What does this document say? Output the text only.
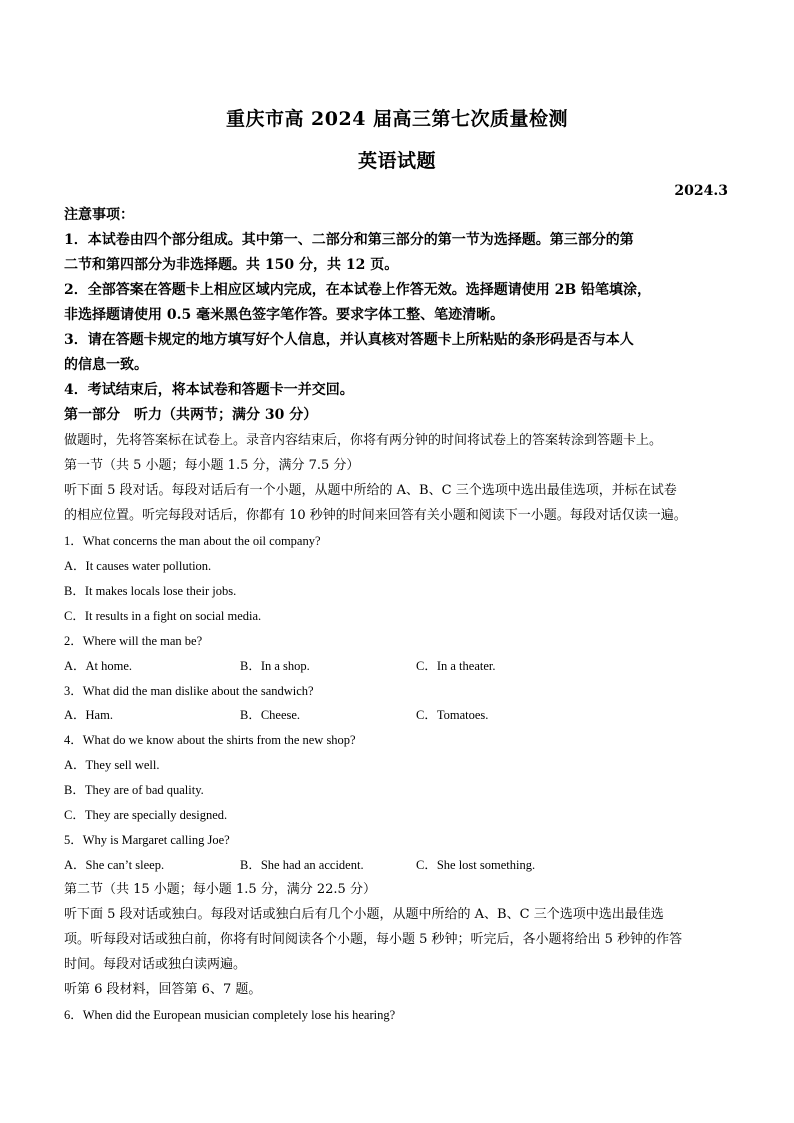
重庆市高 2024 届高三第七次质量检测
英语试题
2024.3
注意事项：
1．本试卷由四个部分组成。其中第一、二部分和第三部分的第一节为选择题。第三部分的第
二节和第四部分为非选择题。共 150 分，共 12 页。
2．全部答案在答题卡上相应区域内完成，在本试卷上作答无效。选择题请使用 2B 铅笔填涂，
非选择题请使用 0.5 毫米黑色签字笔作答。要求字体工整、笔迹清晰。
3．请在答题卡规定的地方填写好个人信息，并认真核对答题卡上所粘贴的条形码是否与本人
的信息一致。
4．考试结束后，将本试卷和答题卡一并交回。
第一部分　听力（共两节；满分 30 分）
做题时，先将答案标在试卷上。录音内容结束后，你将有两分钟的时间将试卷上的答案转涂到答题卡上。
第一节（共 5 小题；每小题 1.5 分，满分 7.5 分）
听下面 5 段对话。每段对话后有一个小题，从题中所给的 A、B、C 三个选项中选出最佳选项，并标在试卷
的相应位置。听完每段对话后，你都有 10 秒钟的时间来回答有关小题和阅读下一小题。每段对话仅读一遍。
1．What concerns the man about the oil company?
A．It causes water pollution.
B．It makes locals lose their jobs.
C．It results in a fight on social media.
2．Where will the man be?
A．At home.	B．In a shop.	C．In a theater.
3．What did the man dislike about the sandwich?
A．Ham.	B．Cheese.	C．Tomatoes.
4．What do we know about the shirts from the new shop?
A．They sell well.
B．They are of bad quality.
C．They are specially designed.
5．Why is Margaret calling Joe?
A．She can’t sleep.	B．She had an accident.	C．She lost something.
第二节（共 15 小题；每小题 1.5 分，满分 22.5 分）
听下面 5 段对话或独白。每段对话或独白后有几个小题，从题中所给的 A、B、C 三个选项中选出最佳选
项。听每段对话或独白前，你将有时间阅读各个小题，每小题 5 秒钟；听完后，各小题将给出 5 秒钟的作答
时间。每段对话或独白读两遍。
听第 6 段材料，回答第 6、7 题。
6．When did the European musician completely lose his hearing?
